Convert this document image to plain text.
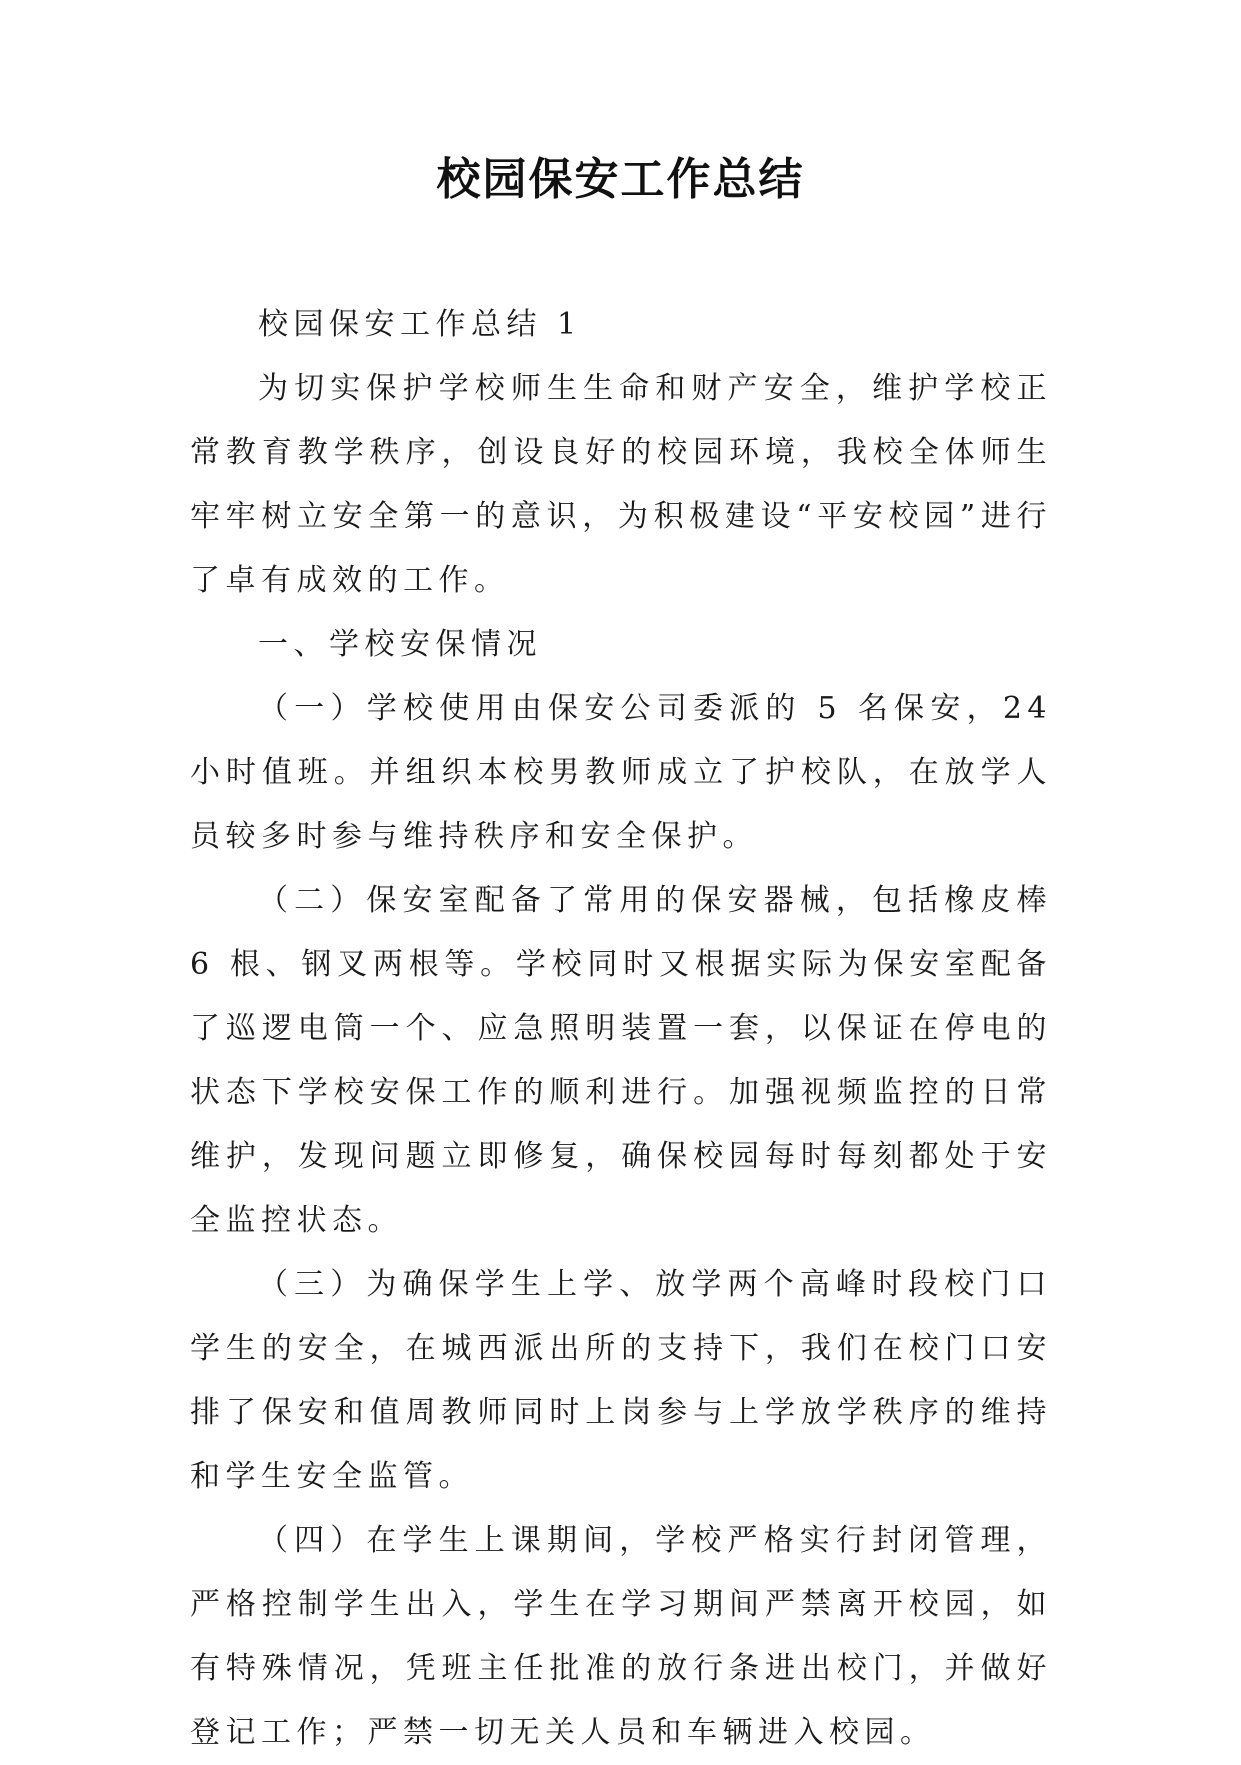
校园保安工作总结

校园保安工作总结 1

为切实保护学校师生生命和财产安全，维护学校正常教育教学秩序，创设良好的校园环境，我校全体师生牢牢树立安全第一的意识，为积极建设“平安校园”进行了卓有成效的工作。

一、学校安保情况

（一）学校使用由保安公司委派的 5 名保安，24 小时值班。并组织本校男教师成立了护校队，在放学人员较多时参与维持秩序和安全保护。

（二）保安室配备了常用的保安器械，包括橡皮棒 6 根、钢叉两根等。学校同时又根据实际为保安室配备了巡逻电筒一个、应急照明装置一套，以保证在停电的状态下学校安保工作的顺利进行。加强视频监控的日常维护，发现问题立即修复，确保校园每时每刻都处于安全监控状态。

（三）为确保学生上学、放学两个高峰时段校门口学生的安全，在城西派出所的支持下，我们在校门口安排了保安和值周教师同时上岗参与上学放学秩序的维持和学生安全监管。

（四）在学生上课期间，学校严格实行封闭管理，严格控制学生出入，学生在学习期间严禁离开校园，如有特殊情况，凭班主任批准的放行条进出校门，并做好登记工作；严禁一切无关人员和车辆进入校园。
